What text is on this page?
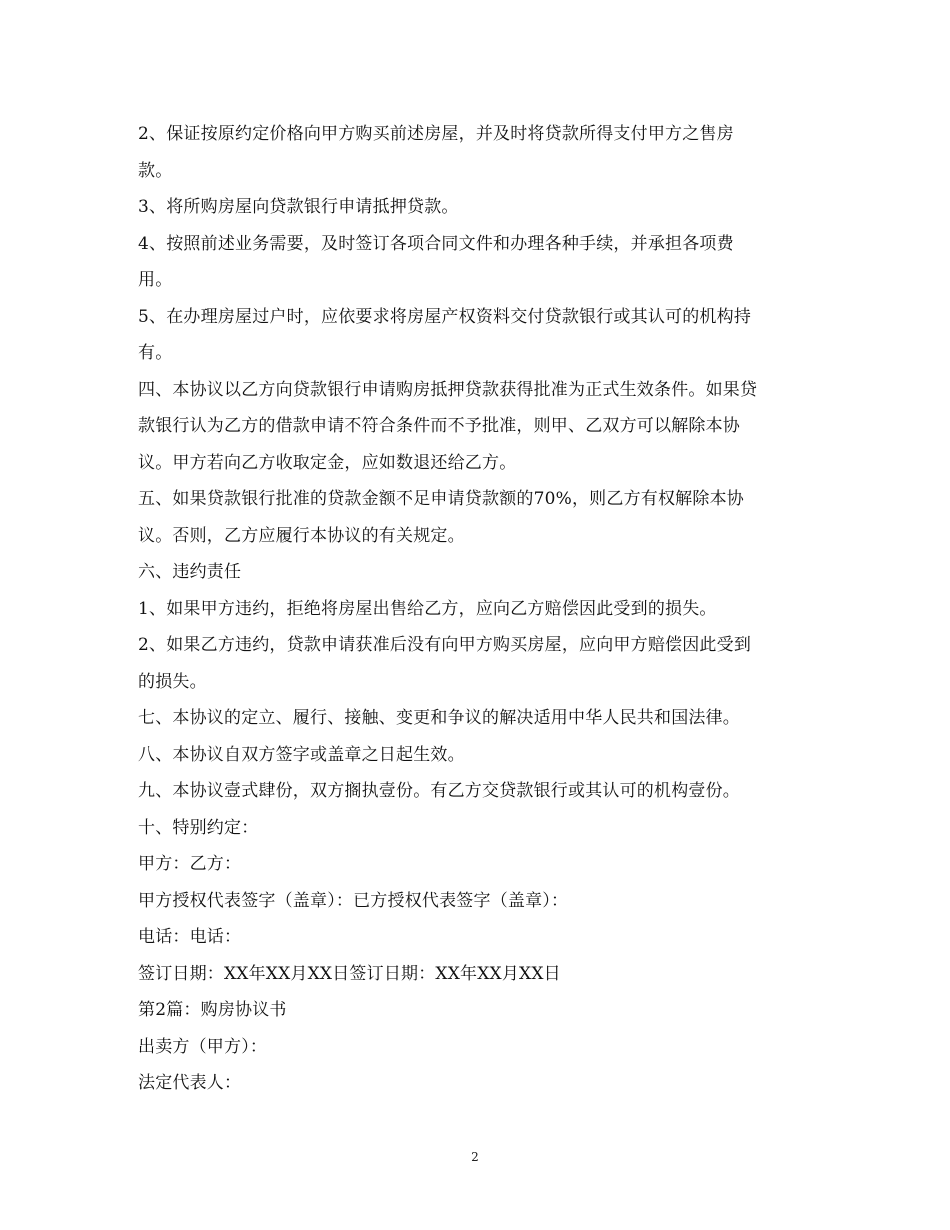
2、保证按原约定价格向甲方购买前述房屋，并及时将贷款所得支付甲方之售房
款。
3、将所购房屋向贷款银行申请抵押贷款。
4、按照前述业务需要，及时签订各项合同文件和办理各种手续，并承担各项费
用。
5、在办理房屋过户时，应依要求将房屋产权资料交付贷款银行或其认可的机构持
有。
四、本协议以乙方向贷款银行申请购房抵押贷款获得批准为正式生效条件。如果贷
款银行认为乙方的借款申请不符合条件而不予批准，则甲、乙双方可以解除本协
议。甲方若向乙方收取定金，应如数退还给乙方。
五、如果贷款银行批准的贷款金额不足申请贷款额的70%，则乙方有权解除本协
议。否则，乙方应履行本协议的有关规定。
六、违约责任
1、如果甲方违约，拒绝将房屋出售给乙方，应向乙方赔偿因此受到的损失。
2、如果乙方违约，贷款申请获准后没有向甲方购买房屋，应向甲方赔偿因此受到
的损失。
七、本协议的定立、履行、接触、变更和争议的解决适用中华人民共和国法律。
八、本协议自双方签字或盖章之日起生效。
九、本协议壹式肆份，双方搁执壹份。有乙方交贷款银行或其认可的机构壹份。
十、特别约定：
甲方：乙方：
甲方授权代表签字（盖章）：已方授权代表签字（盖章）：
电话：电话：
签订日期：XX年XX月XX日签订日期：XX年XX月XX日
第2篇：购房协议书
出卖方（甲方）：
法定代表人：
2
